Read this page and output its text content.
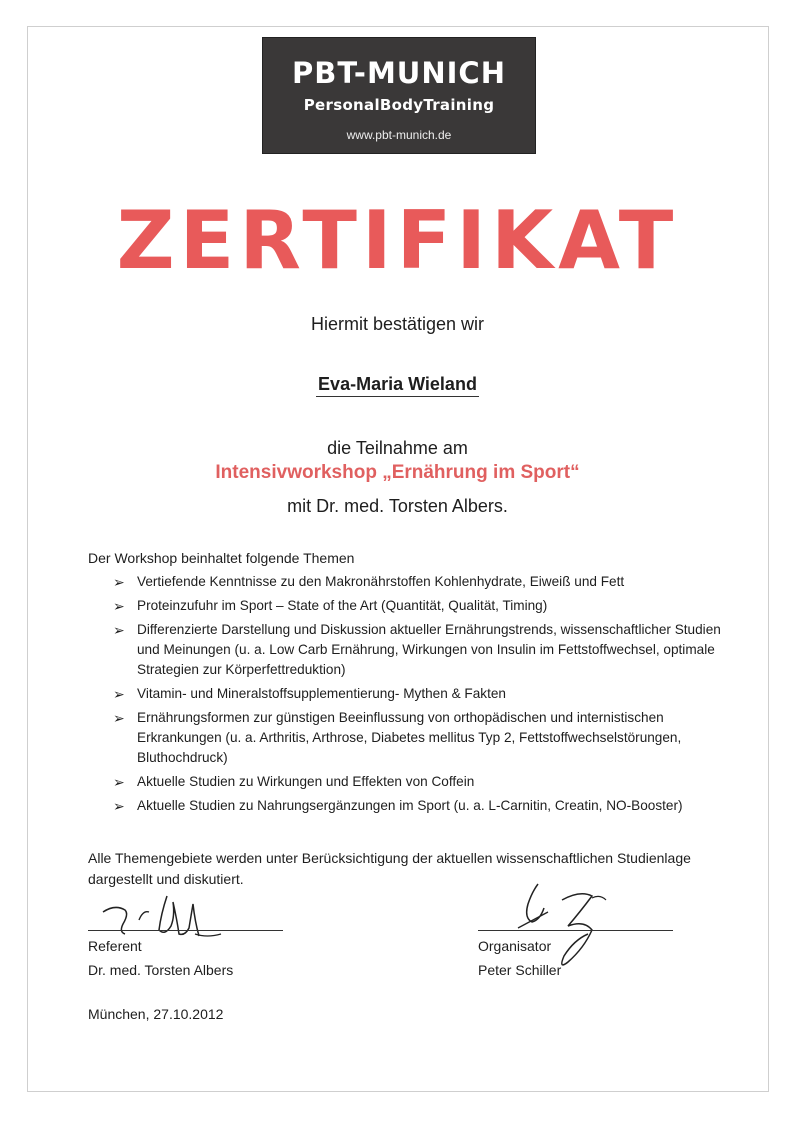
PBT-MUNICH
PersonalBodyTraining
www.pbt-munich.de
ZERTIFIKAT
Hiermit bestätigen wir
Eva-Maria Wieland
die Teilnahme am
Intensivworkshop „Ernährung im Sport“
mit Dr. med. Torsten Albers.
Der Workshop beinhaltet folgende Themen
➢ Vertiefende Kenntnisse zu den Makronährstoffen Kohlenhydrate, Eiweiß und Fett
➢ Proteinzufuhr im Sport – State of the Art (Quantität, Qualität, Timing)
➢ Differenzierte Darstellung und Diskussion aktueller Ernährungstrends, wissenschaftlicher Studien und Meinungen (u. a. Low Carb Ernährung, Wirkungen von Insulin im Fettstoffwechsel, optimale Strategien zur Körperfettreduktion)
➢ Vitamin- und Mineralstoffsupplementierung- Mythen & Fakten
➢ Ernährungsformen zur günstigen Beeinflussung von orthopädischen und internistischen Erkrankungen (u. a. Arthritis, Arthrose, Diabetes mellitus Typ 2, Fettstoffwechselstörungen, Bluthochdruck)
➢ Aktuelle Studien zu Wirkungen und Effekten von Coffein
➢ Aktuelle Studien zu Nahrungsergänzungen im Sport (u. a. L-Carnitin, Creatin, NO-Booster)
Alle Themengebiete werden unter Berücksichtigung der aktuellen wissenschaftlichen Studienlage dargestellt und diskutiert.
Referent
Dr. med. Torsten Albers
Organisator
Peter Schiller
München, 27.10.2012
